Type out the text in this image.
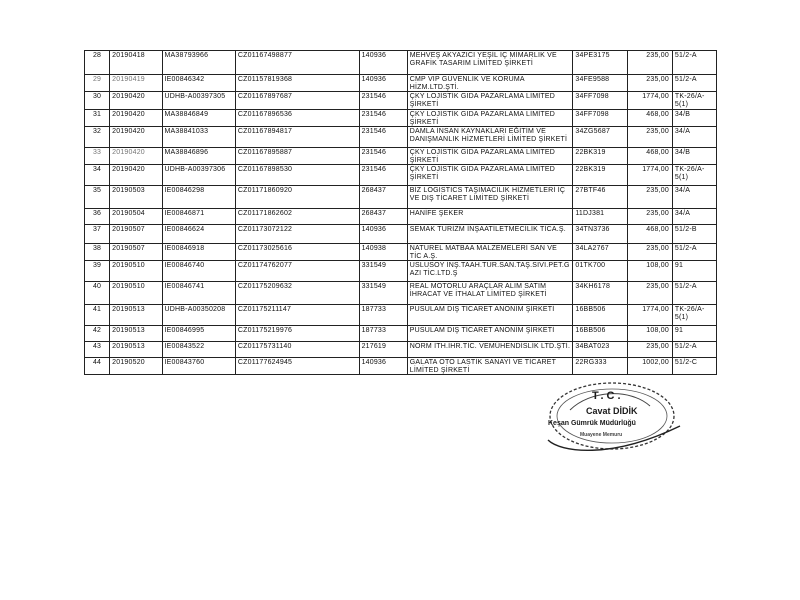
28	20190418	MA38793966	CZ01167498877	140936	MEHVEŞ AKYAZICI YEŞİL İÇ MİMARLIK VE GRAFİK TASARIM LİMİTED ŞİRKETİ	34PE3175	235,00	51/2-A
29	20190419	IE00846342	CZ01157819368	140936	CMP VIP GÜVENLİK VE KORUMA HİZM.LTD.ŞTİ.	34FE9588	235,00	51/2-A
30	20190420	UDHB-A00397305	CZ01167897687	231546	ÇKY LOJİSTİK GIDA PAZARLAMA LİMİTED ŞİRKETİ	34FF7098	1774,00	TK-26/A-5(1)
31	20190420	MA38846849	CZ01167896536	231546	ÇKY LOJİSTİK GIDA PAZARLAMA LİMİTED ŞİRKETİ	34FF7098	468,00	34/B
32	20190420	MA38841033	CZ01167894817	231546	DAMLA İNSAN KAYNAKLARI EĞİTİM VE DANIŞMANLIK HİZMETLERİ LİMİTED ŞİRKETİ	34ZG5687	235,00	34/A
33	20190420	MA38846896	CZ01167895887	231546	ÇKY LOJİSTİK GIDA PAZARLAMA LİMİTED ŞİRKETİ	22BK319	468,00	34/B
34	20190420	UDHB-A00397306	CZ01167898530	231546	ÇKY LOJİSTİK GIDA PAZARLAMA LİMİTED ŞİRKETİ	22BK319	1774,00	TK-26/A-5(1)
35	20190503	IE00846298	CZ01171860920	268437	BİZ LOGISTICS TAŞIMACILIK HİZMETLERİ İÇ VE DIŞ TİCARET LİMİTED ŞİRKETİ	27BTF46	235,00	34/A
36	20190504	IE00846871	CZ01171862602	268437	HANİFE ŞEKER	11DJ381	235,00	34/A
37	20190507	IE00846624	CZ01173072122	140936	SEMAK TURİZM İNŞAATİLETMECİLİK TİCA.Ş.	34TN3736	468,00	51/2-B
38	20190507	IE00846918	CZ01173025616	140938	NATUREL MATBAA MALZEMELERİ SAN VE TİC A.Ş.	34LA2767	235,00	51/2-A
39	20190510	IE00846740	CZ01174762077	331549	USLUSOY İNŞ.TAAH.TUR.SAN.TAŞ.SIVI.PET.G AZI TİC.LTD.Ş	01TK700	108,00	91
40	20190510	IE00846741	CZ01175209632	331549	REAL MOTORLU ARAÇLAR ALIM SATIM İHRACAT VE İTHALAT LİMİTED ŞİRKETİ	34KH6178	235,00	51/2-A
41	20190513	UDHB-A00350208	CZ01175211147	187733	PUSULAM DIŞ TİCARET ANONİM ŞİRKETİ	16BB506	1774,00	TK-26/A-5(1)
42	20190513	IE00846995	CZ01175219976	187733	PUSULAM DIŞ TİCARET ANONİM ŞİRKETİ	16BB506	108,00	91
43	20190513	IE00843522	CZ01175731140	217619	NORM İTH.İHR.TİC. VEMÜHENDİSLİK LTD.ŞTİ.	34BAT023	235,00	51/2-A
44	20190520	IE00843760	CZ01177624945	140936	GALATA OTO LASTİK SANAYİ VE TİCARET LİMİTED ŞİRKETİ	22RG333	1002,00	51/2-C
T.C.
Cavat DİDİK
Keşan Gümrük Müdürlüğü
Muayene Memuru
